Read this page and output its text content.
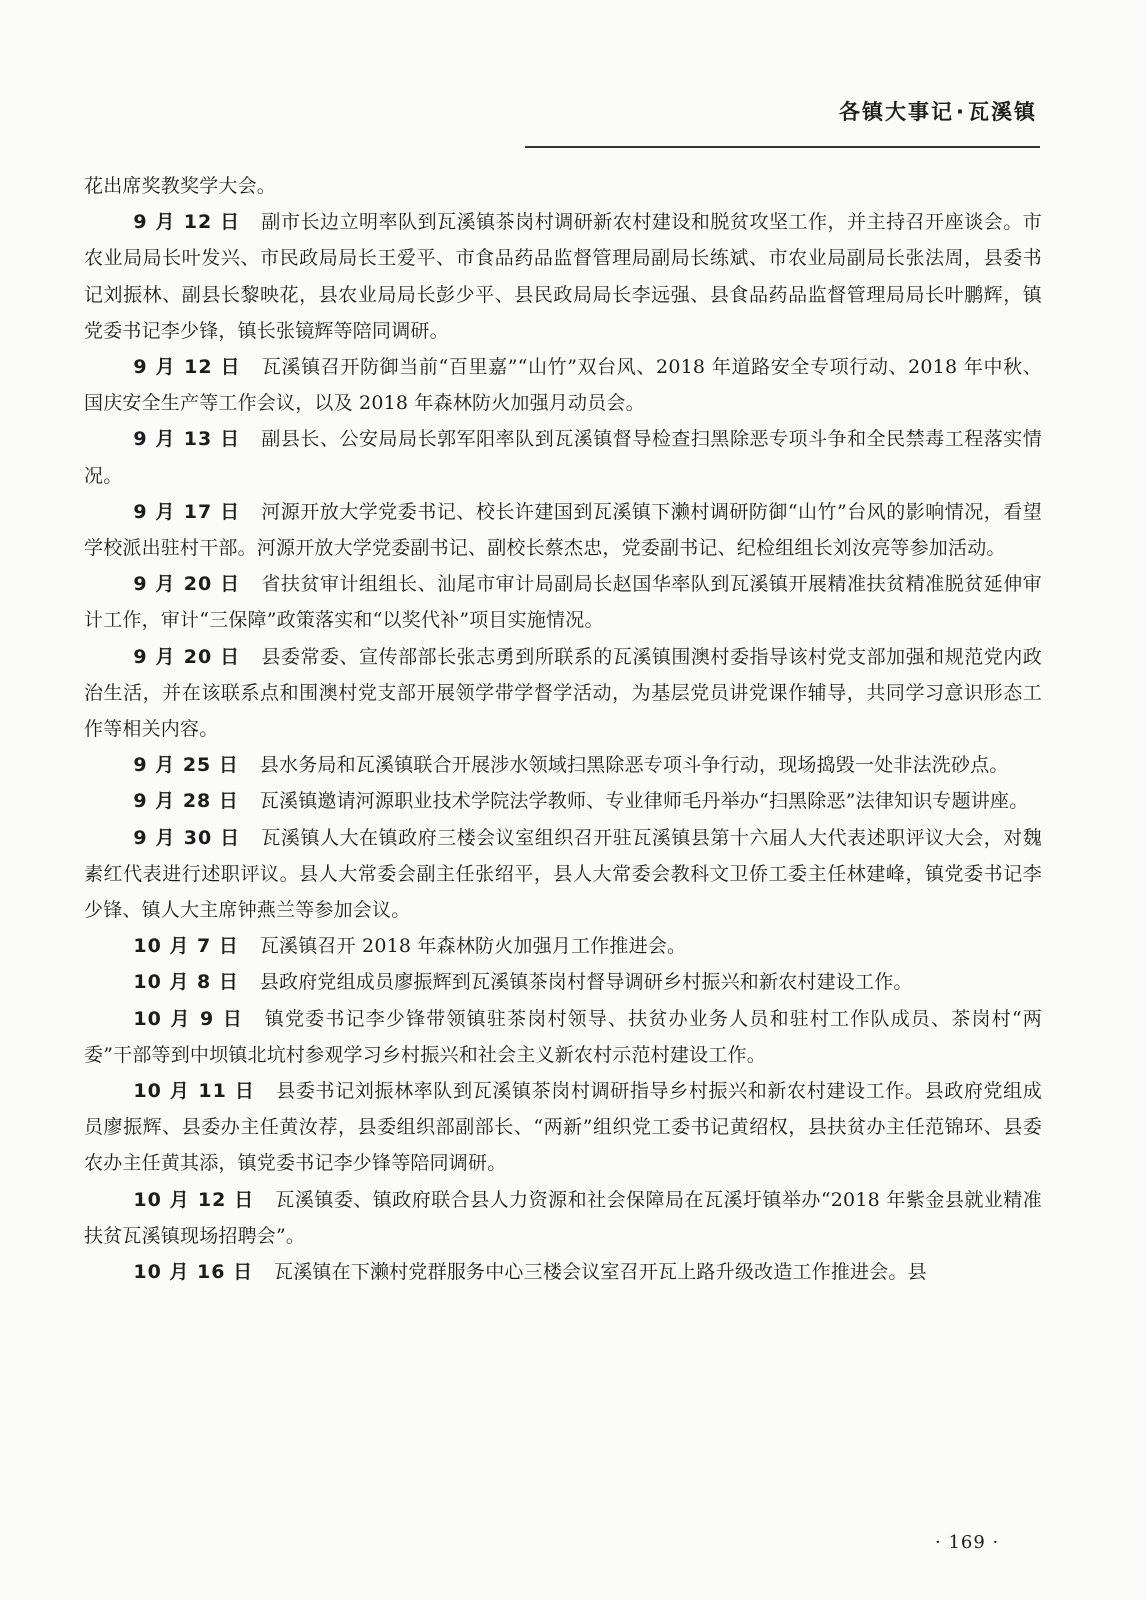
各镇大事记·瓦溪镇

花出席奖教奖学大会。

9 月 12 日 副市长边立明率队到瓦溪镇茶岗村调研新农村建设和脱贫攻坚工作，并主持召开座谈会。市农业局局长叶发兴、市民政局局长王爱平、市食品药品监督管理局副局长练斌、市农业局副局长张法周，县委书记刘振林、副县长黎映花，县农业局局长彭少平、县民政局局长李远强、县食品药品监督管理局局长叶鹏辉，镇党委书记李少锋，镇长张镜辉等陪同调研。

9 月 12 日 瓦溪镇召开防御当前“百里嘉”“山竹”双台风、2018 年道路安全专项行动、2018 年中秋、国庆安全生产等工作会议，以及 2018 年森林防火加强月动员会。

9 月 13 日 副县长、公安局局长郭军阳率队到瓦溪镇督导检查扫黑除恶专项斗争和全民禁毒工程落实情况。

9 月 17 日 河源开放大学党委书记、校长许建国到瓦溪镇下濑村调研防御“山竹”台风的影响情况，看望学校派出驻村干部。河源开放大学党委副书记、副校长蔡杰忠，党委副书记、纪检组组长刘汝亮等参加活动。

9 月 20 日 省扶贫审计组组长、汕尾市审计局副局长赵国华率队到瓦溪镇开展精准扶贫精准脱贫延伸审计工作，审计“三保障”政策落实和“以奖代补”项目实施情况。

9 月 20 日 县委常委、宣传部部长张志勇到所联系的瓦溪镇围澳村委指导该村党支部加强和规范党内政治生活，并在该联系点和围澳村党支部开展领学带学督学活动，为基层党员讲党课作辅导，共同学习意识形态工作等相关内容。

9 月 25 日 县水务局和瓦溪镇联合开展涉水领域扫黑除恶专项斗争行动，现场捣毁一处非法洗砂点。

9 月 28 日 瓦溪镇邀请河源职业技术学院法学教师、专业律师毛丹举办“扫黑除恶”法律知识专题讲座。

9 月 30 日 瓦溪镇人大在镇政府三楼会议室组织召开驻瓦溪镇县第十六届人大代表述职评议大会，对魏素红代表进行述职评议。县人大常委会副主任张绍平，县人大常委会教科文卫侨工委主任林建峰，镇党委书记李少锋、镇人大主席钟燕兰等参加会议。

10 月 7 日 瓦溪镇召开 2018 年森林防火加强月工作推进会。

10 月 8 日 县政府党组成员廖振辉到瓦溪镇茶岗村督导调研乡村振兴和新农村建设工作。

10 月 9 日 镇党委书记李少锋带领镇驻茶岗村领导、扶贫办业务人员和驻村工作队成员、茶岗村“两委”干部等到中坝镇北坑村参观学习乡村振兴和社会主义新农村示范村建设工作。

10 月 11 日 县委书记刘振林率队到瓦溪镇茶岗村调研指导乡村振兴和新农村建设工作。县政府党组成员廖振辉、县委办主任黄汝荐，县委组织部副部长、“两新”组织党工委书记黄绍权，县扶贫办主任范锦环、县委农办主任黄其添，镇党委书记李少锋等陪同调研。

10 月 12 日 瓦溪镇委、镇政府联合县人力资源和社会保障局在瓦溪圩镇举办“2018 年紫金县就业精准扶贫瓦溪镇现场招聘会”。

10 月 16 日 瓦溪镇在下濑村党群服务中心三楼会议室召开瓦上路升级改造工作推进会。县

· 169 ·
